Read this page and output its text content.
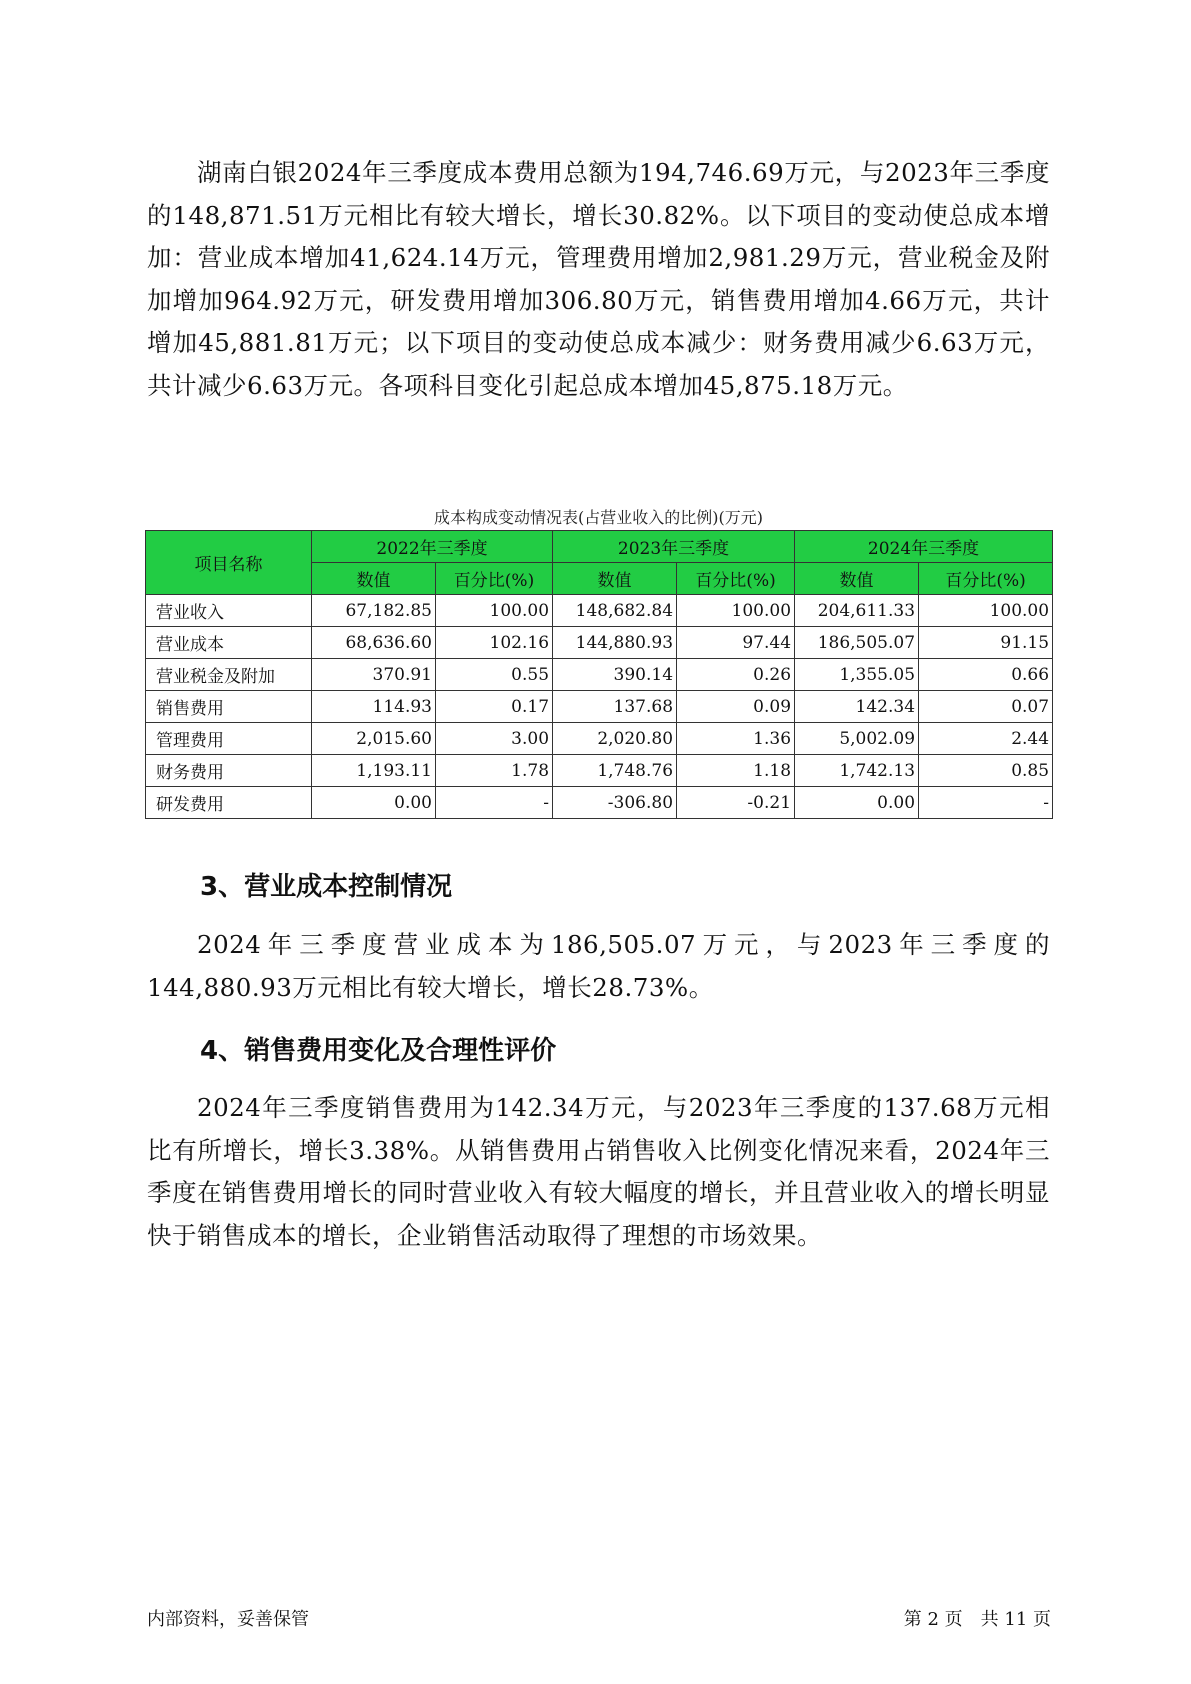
湖南白银2024年三季度成本费用总额为194,746.69万元，与2023年三季度的148,871.51万元相比有较大增长，增长30.82%。以下项目的变动使总成本增加：营业成本增加41,624.14万元，管理费用增加2,981.29万元，营业税金及附加增加964.92万元，研发费用增加306.80万元，销售费用增加4.66万元，共计增加45,881.81万元；以下项目的变动使总成本减少：财务费用减少6.63万元，共计减少6.63万元。各项科目变化引起总成本增加45,875.18万元。

成本构成变动情况表(占营业收入的比例)(万元)
项目名称	2022年三季度		2023年三季度		2024年三季度	
	数值	百分比(%)	数值	百分比(%)	数值	百分比(%)
营业收入	67,182.85	100.00	148,682.84	100.00	204,611.33	100.00
营业成本	68,636.60	102.16	144,880.93	97.44	186,505.07	91.15
营业税金及附加	370.91	0.55	390.14	0.26	1,355.05	0.66
销售费用	114.93	0.17	137.68	0.09	142.34	0.07
管理费用	2,015.60	3.00	2,020.80	1.36	5,002.09	2.44
财务费用	1,193.11	1.78	1,748.76	1.18	1,742.13	0.85
研发费用	0.00	-	-306.80	-0.21	0.00	-
3、营业成本控制情况

2024年三季度营业成本为186,505.07万元，与2023年三季度的144,880.93万元相比有较大增长，增长28.73%。

4、销售费用变化及合理性评价

2024年三季度销售费用为142.34万元，与2023年三季度的137.68万元相比有所增长，增长3.38%。从销售费用占销售收入比例变化情况来看，2024年三季度在销售费用增长的同时营业收入有较大幅度的增长，并且营业收入的增长明显快于销售成本的增长，企业销售活动取得了理想的市场效果。

内部资料，妥善保管	第 2 页　共 11 页
